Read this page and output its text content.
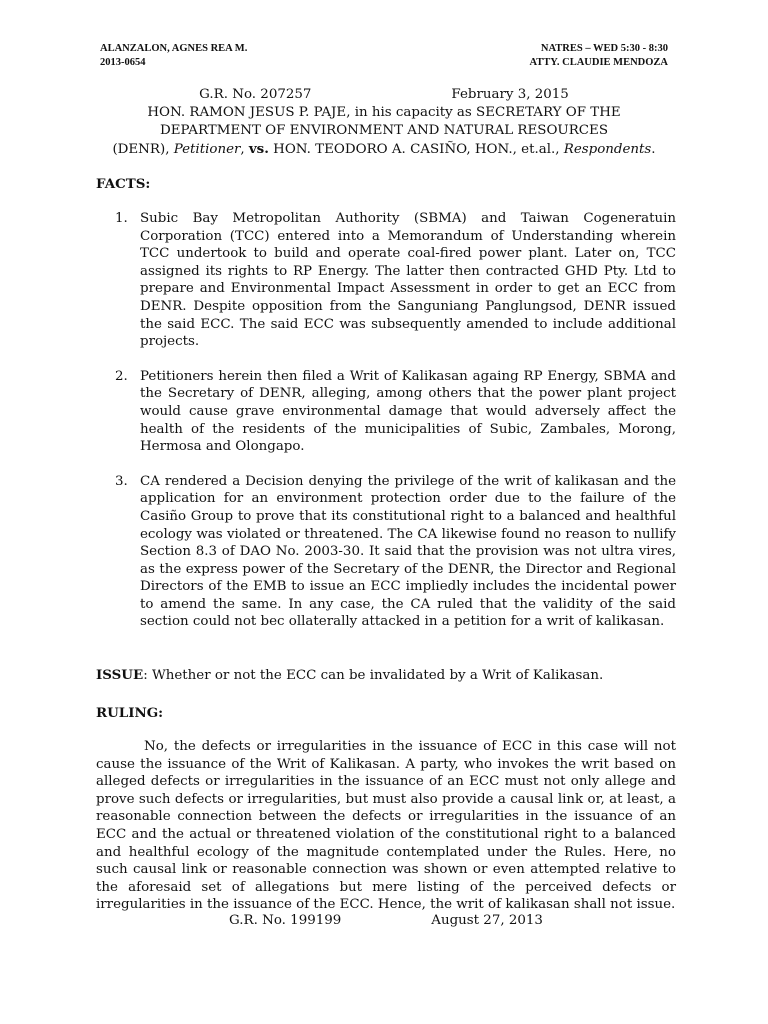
ALANZALON, AGNES REA M.
2013-0654
NATRES – WED 5:30 - 8:30
ATTY. CLAUDIE MENDOZA
G.R. No. 207257	February 3, 2015
HON. RAMON JESUS P. PAJE, in his capacity as SECRETARY OF THE
DEPARTMENT OF ENVIRONMENT AND NATURAL RESOURCES
(DENR), Petitioner, vs. HON. TEODORO A. CASIÑO, HON., et.al., Respondents.
FACTS:
1. Subic Bay Metropolitan Authority (SBMA) and Taiwan Cogeneratuin Corporation (TCC) entered into a Memorandum of Understanding wherein TCC undertook to build and operate coal-fired power plant. Later on, TCC assigned its rights to RP Energy. The latter then contracted GHD Pty. Ltd to prepare and Environmental Impact Assessment in order to get an ECC from DENR. Despite opposition from the Sanguniang Panglungsod, DENR issued the said ECC. The said ECC was subsequently amended to include additional projects.
2. Petitioners herein then filed a Writ of Kalikasan againg RP Energy, SBMA and the Secretary of DENR, alleging, among others that the power plant project would cause grave environmental damage that would adversely affect the health of the residents of the municipalities of Subic, Zambales, Morong, Hermosa and Olongapo.
3. CA rendered a Decision denying the privilege of the writ of kalikasan and the application for an environment protection order due to the failure of the Casiño Group to prove that its constitutional right to a balanced and healthful ecology was violated or threatened. The CA likewise found no reason to nullify Section 8.3 of DAO No. 2003-30. It said that the provision was not ultra vires, as the express power of the Secretary of the DENR, the Director and Regional Directors of the EMB to issue an ECC impliedly includes the incidental power to amend the same. In any case, the CA ruled that the validity of the said section could not bec ollaterally attacked in a petition for a writ of kalikasan.
ISSUE: Whether or not the ECC can be invalidated by a Writ of Kalikasan.
RULING:

No, the defects or irregularities in the issuance of ECC in this case will not cause the issuance of the Writ of Kalikasan. A party, who invokes the writ based on alleged defects or irregularities in the issuance of an ECC must not only allege and prove such defects or irregularities, but must also provide a causal link or, at least, a reasonable connection between the defects or irregularities in the issuance of an ECC and the actual or threatened violation of the constitutional right to a balanced and healthful ecology of the magnitude contemplated under the Rules. Here, no such causal link or reasonable connection was shown or even attempted relative to the aforesaid set of allegations but mere listing of the perceived defects or irregularities in the issuance of the ECC. Hence, the writ of kalikasan shall not issue.

G.R. No. 199199	August 27, 2013
